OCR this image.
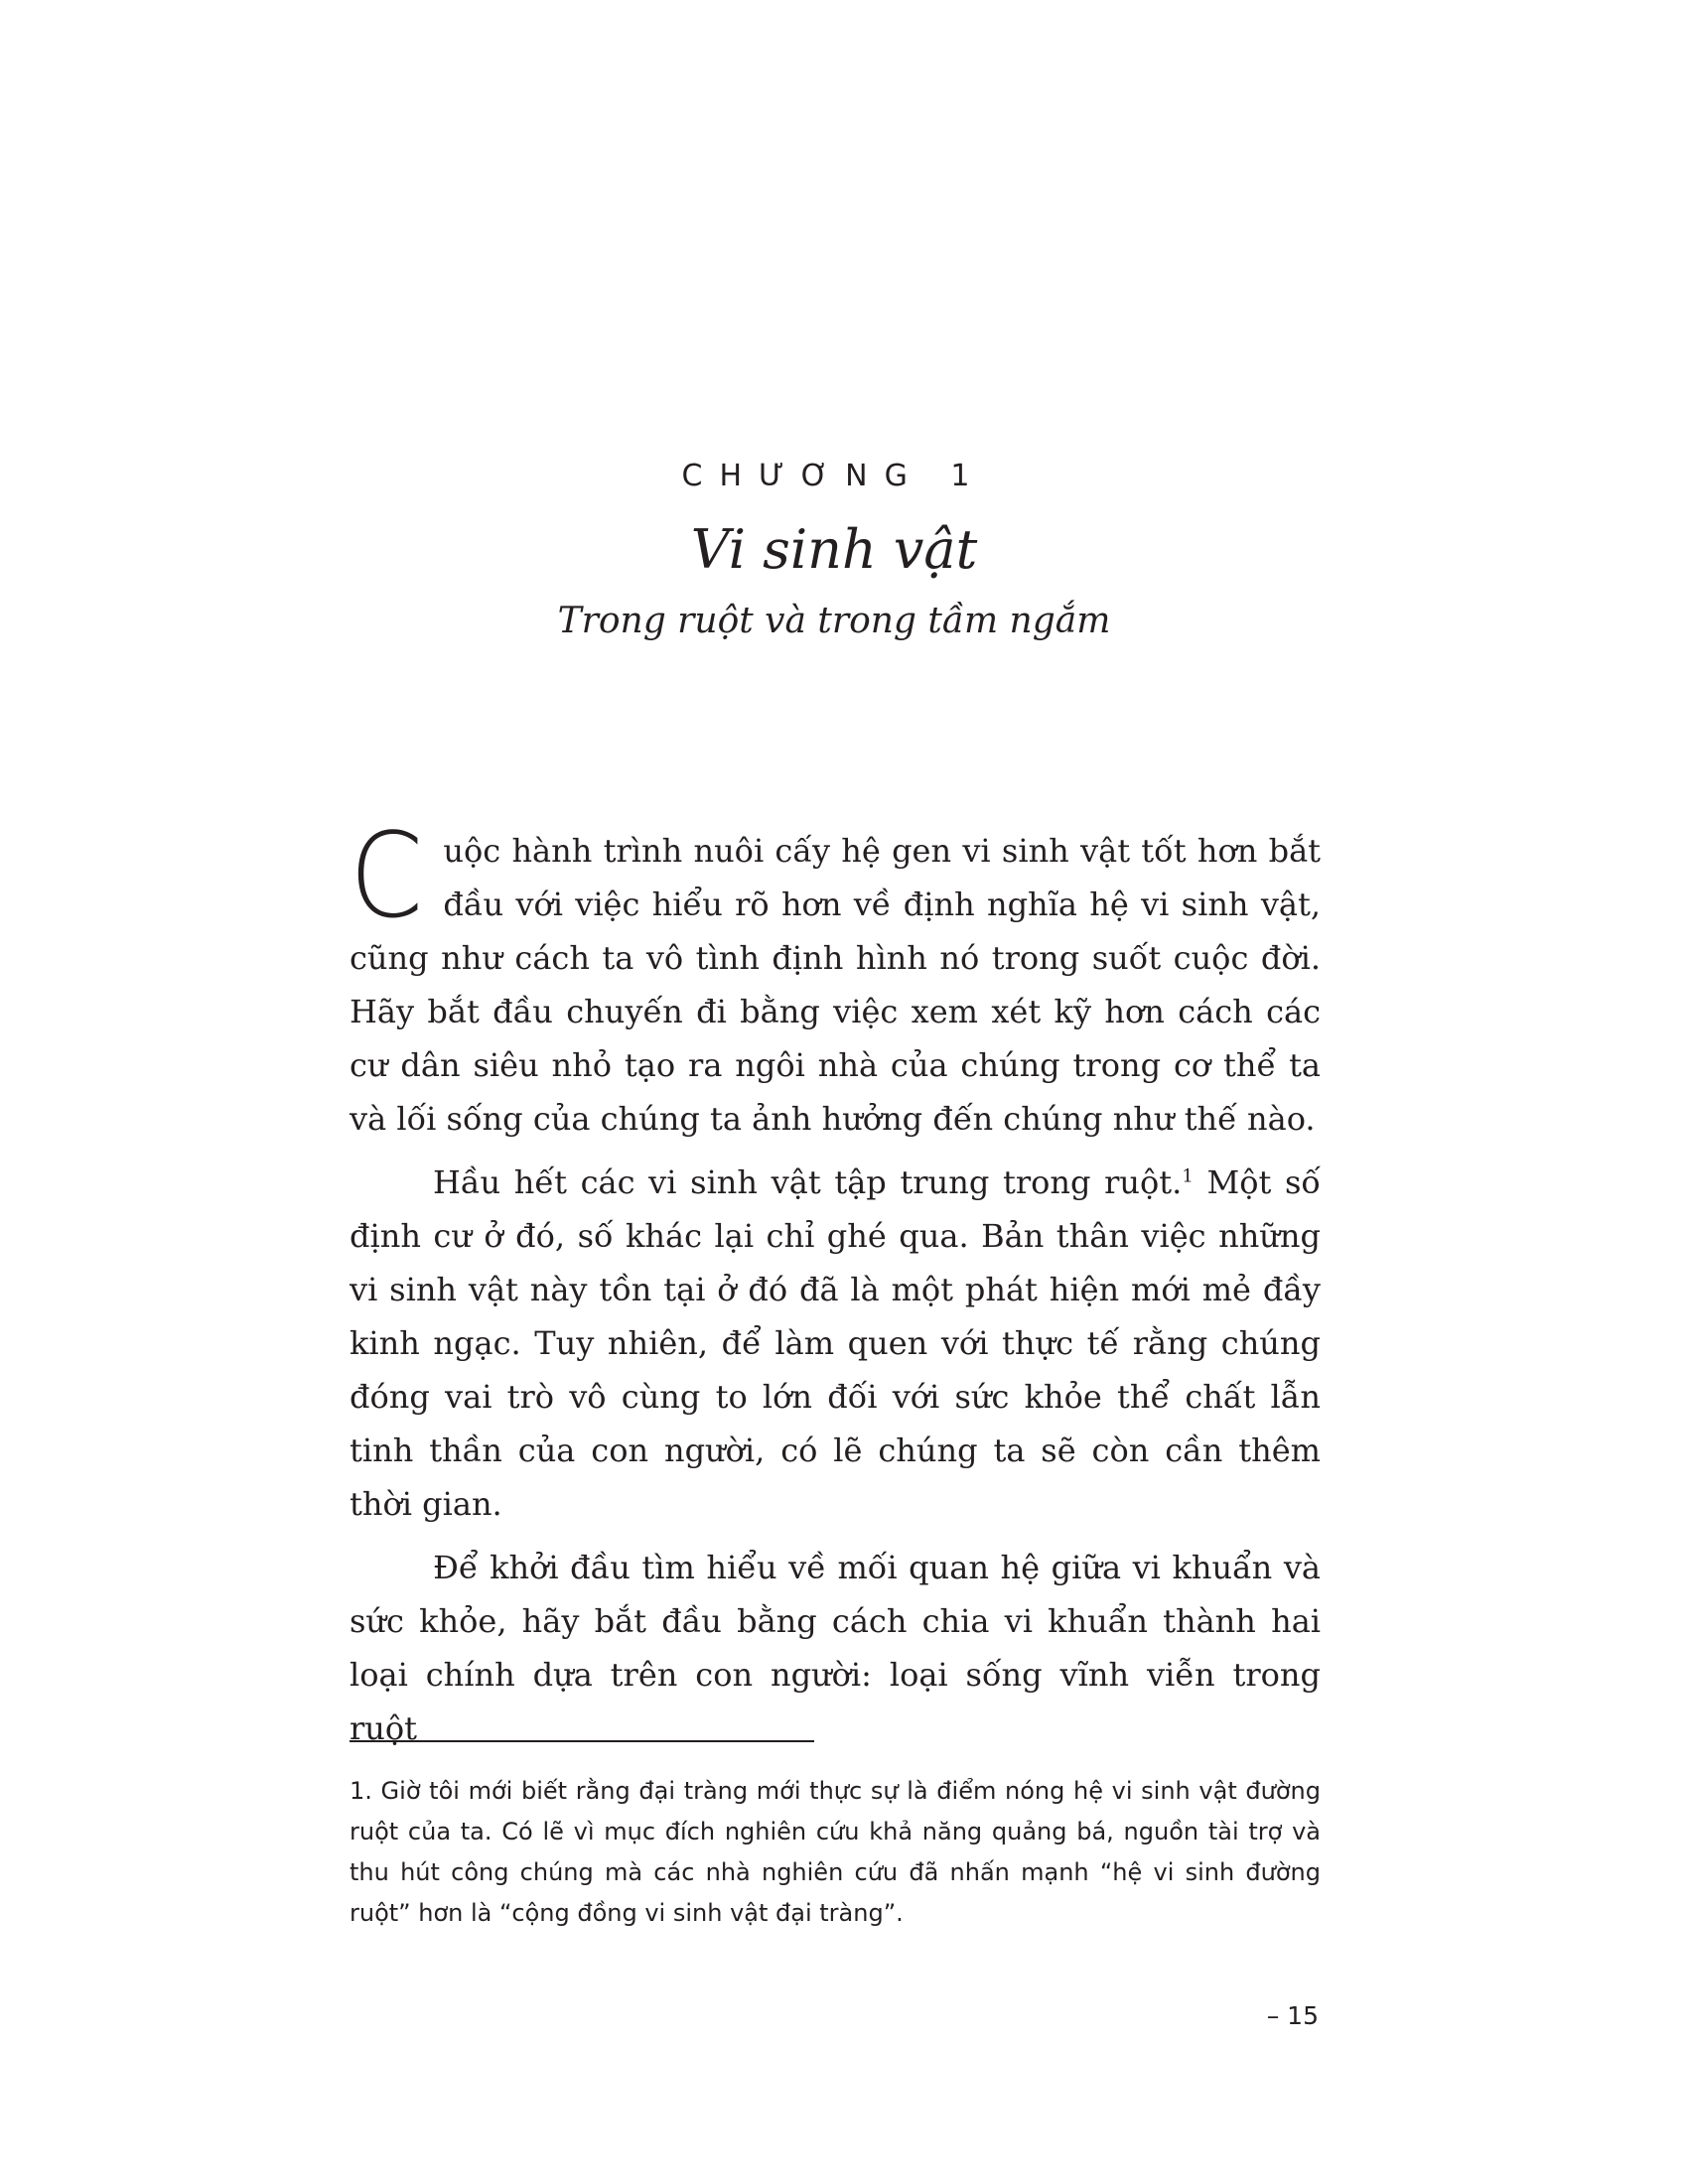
CHƯƠNG 1
Vi sinh vật
Trong ruột và trong tầm ngắm

Cuộc hành trình nuôi cấy hệ gen vi sinh vật tốt hơn bắt đầu với việc hiểu rõ hơn về định nghĩa hệ vi sinh vật, cũng như cách ta vô tình định hình nó trong suốt cuộc đời. Hãy bắt đầu chuyến đi bằng việc xem xét kỹ hơn cách các cư dân siêu nhỏ tạo ra ngôi nhà của chúng trong cơ thể ta và lối sống của chúng ta ảnh hưởng đến chúng như thế nào.

Hầu hết các vi sinh vật tập trung trong ruột.$^1$ Một số định cư ở đó, số khác lại chỉ ghé qua. Bản thân việc những vi sinh vật này tồn tại ở đó đã là một phát hiện mới mẻ đầy kinh ngạc. Tuy nhiên, để làm quen với thực tế rằng chúng đóng vai trò vô cùng to lớn đối với sức khỏe thể chất lẫn tinh thần của con người, có lẽ chúng ta sẽ còn cần thêm thời gian.

Để khởi đầu tìm hiểu về mối quan hệ giữa vi khuẩn và sức khỏe, hãy bắt đầu bằng cách chia vi khuẩn thành hai loại chính dựa trên con người: loại sống vĩnh viễn trong ruột

1. Giờ tôi mới biết rằng đại tràng mới thực sự là điểm nóng hệ vi sinh vật đường ruột của ta. Có lẽ vì mục đích nghiên cứu khả năng quảng bá, nguồn tài trợ và thu hút công chúng mà các nhà nghiên cứu đã nhấn mạnh “hệ vi sinh đường ruột” hơn là “cộng đồng vi sinh vật đại tràng”.
– 15
